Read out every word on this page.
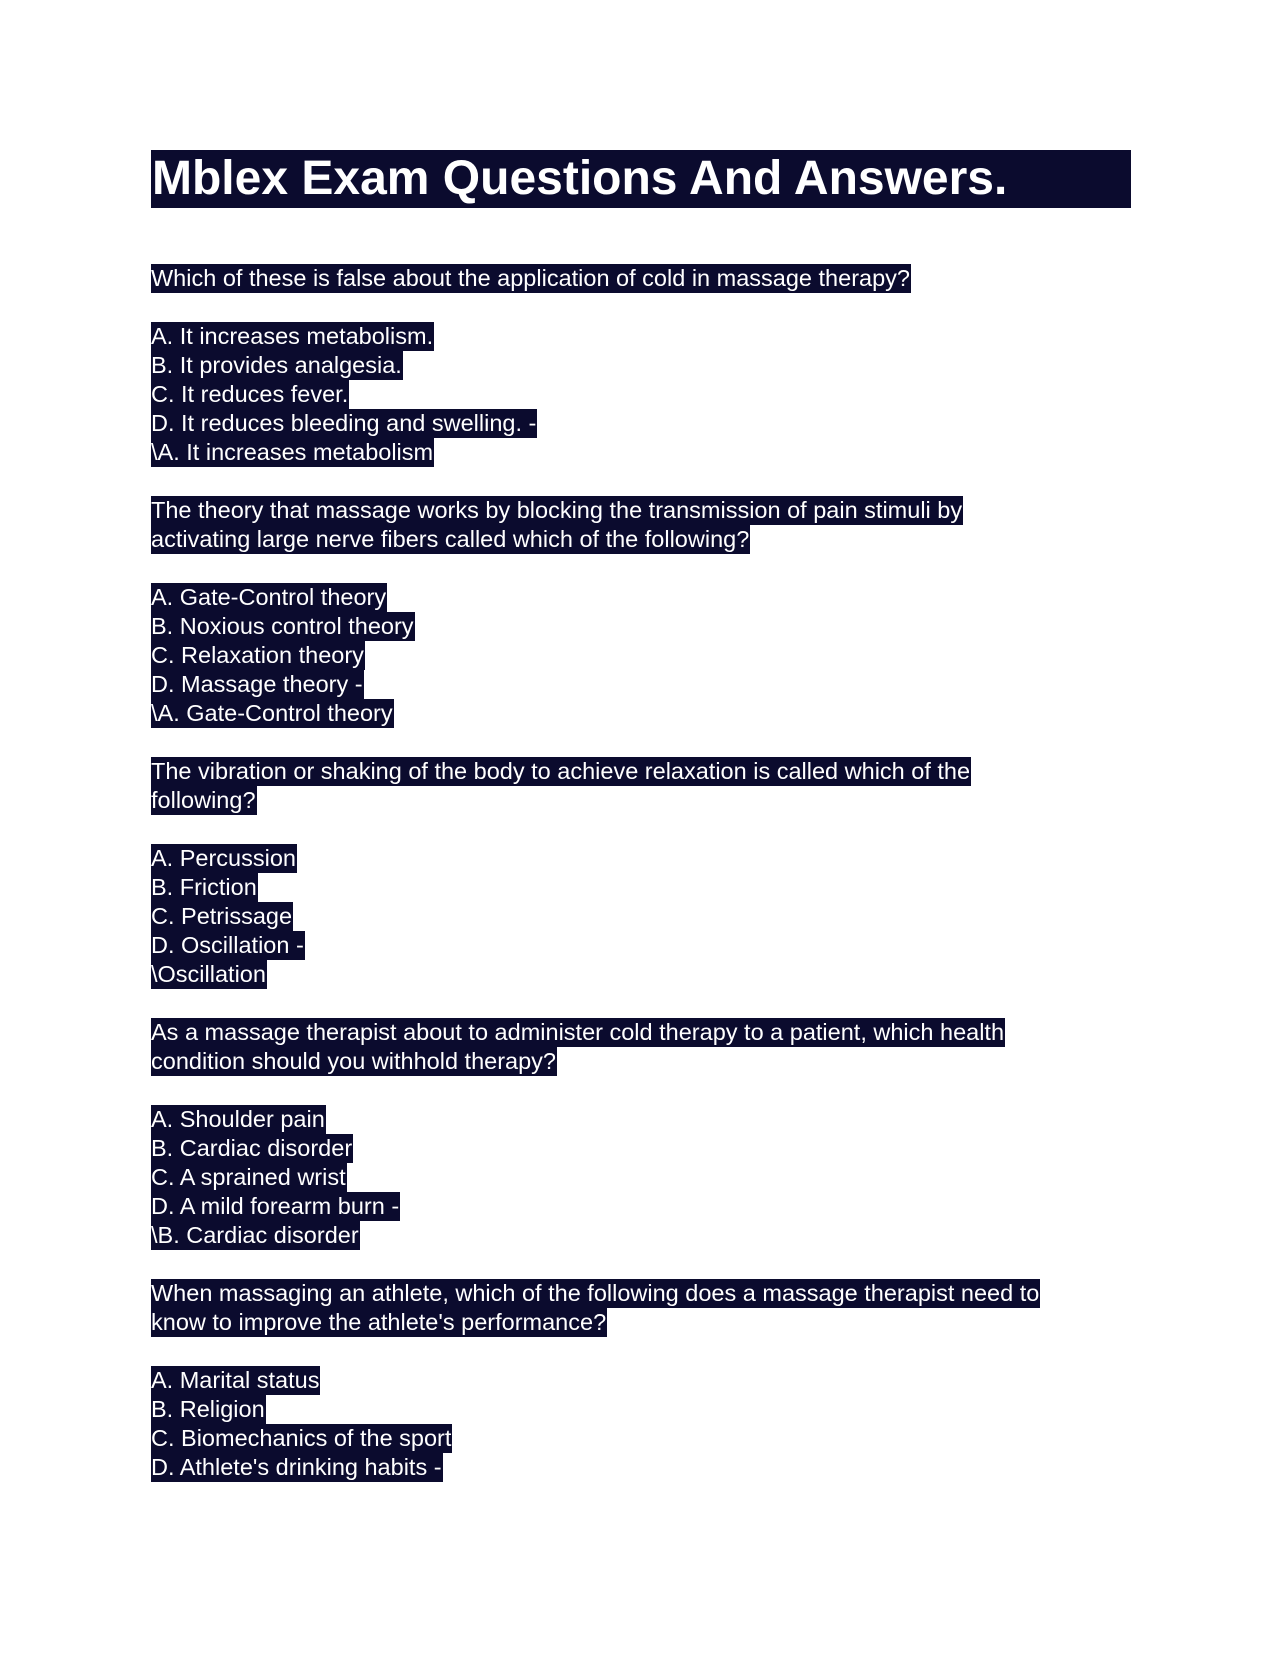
Mblex Exam Questions And Answers.
Which of these is false about the application of cold in massage therapy?
A. It increases metabolism.
B. It provides analgesia.
C. It reduces fever.
D. It reduces bleeding and swelling. -
\A. It increases metabolism
The theory that massage works by blocking the transmission of pain stimuli by
activating large nerve fibers called which of the following?
A. Gate-Control theory
B. Noxious control theory
C. Relaxation theory
D. Massage theory -
\A. Gate-Control theory
The vibration or shaking of the body to achieve relaxation is called which of the
following?
A. Percussion
B. Friction
C. Petrissage
D. Oscillation -
\Oscillation
As a massage therapist about to administer cold therapy to a patient, which health
condition should you withhold therapy?
A. Shoulder pain
B. Cardiac disorder
C. A sprained wrist
D. A mild forearm burn -
\B. Cardiac disorder
When massaging an athlete, which of the following does a massage therapist need to
know to improve the athlete's performance?
A. Marital status
B. Religion
C. Biomechanics of the sport
D. Athlete's drinking habits -
